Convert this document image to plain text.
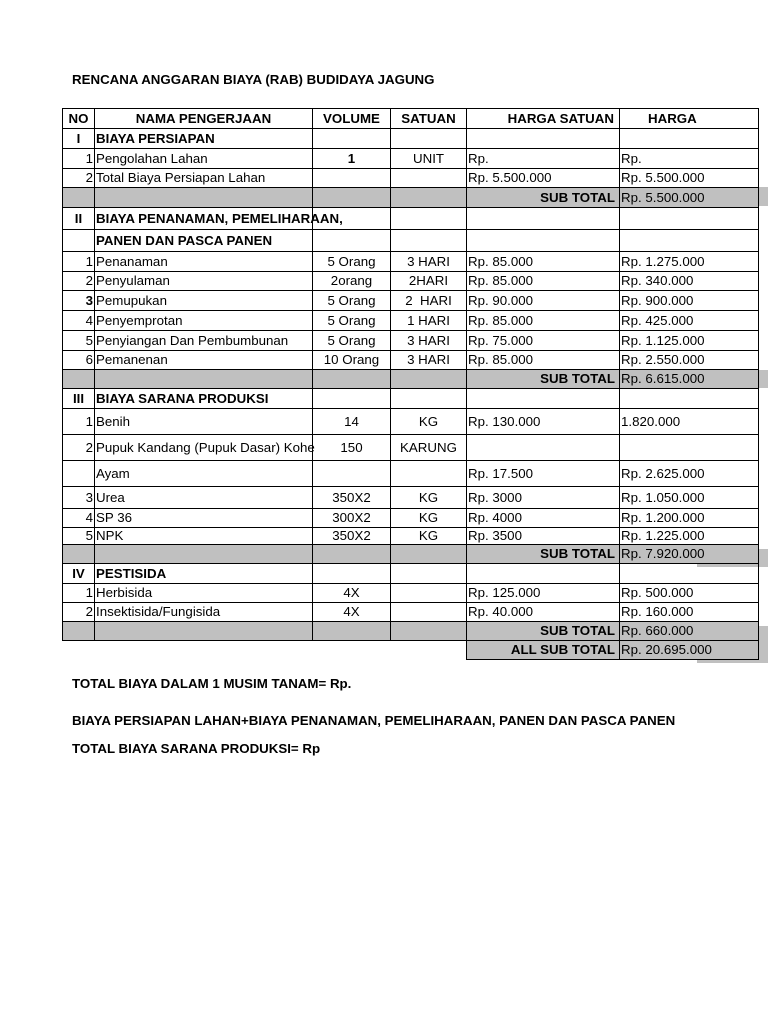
RENCANA ANGGARAN BIAYA (RAB) BUDIDAYA JAGUNG
NO	NAMA PENGERJAAN	VOLUME	SATUAN	HARGA SATUAN	HARGA
I	BIAYA PERSIAPAN				
1	Pengolahan Lahan	1	UNIT	Rp.	Rp.
2	Total Biaya Persiapan Lahan			Rp. 5.500.000	Rp. 5.500.000
				SUB TOTAL	Rp. 5.500.000
II	BIAYA PENANAMAN, PEMELIHARAAN,				
	PANEN DAN PASCA PANEN				
1	Penanaman	5 Orang	3 HARI	Rp. 85.000	Rp. 1.275.000
2	Penyulaman	2orang	2HARI	Rp. 85.000	Rp. 340.000
3	Pemupukan	5 Orang	2  HARI	Rp. 90.000	Rp. 900.000
4	Penyemprotan	5 Orang	1 HARI	Rp. 85.000	Rp. 425.000
5	Penyiangan Dan Pembumbunan	5 Orang	3 HARI	Rp. 75.000	Rp. 1.125.000
6	Pemanenan	10 Orang	3 HARI	Rp. 85.000	Rp. 2.550.000
				SUB TOTAL	Rp. 6.615.000
III	BIAYA SARANA PRODUKSI				
1	Benih	14	KG	Rp. 130.000	1.820.000
2	Pupuk Kandang (Pupuk Dasar) Kohe	150	KARUNG		
	Ayam			Rp. 17.500	Rp. 2.625.000
3	Urea	350X2	KG	Rp. 3000	Rp. 1.050.000
4	SP 36	300X2	KG	Rp. 4000	Rp. 1.200.000
5	NPK	350X2	KG	Rp. 3500	Rp. 1.225.000
				SUB TOTAL	Rp. 7.920.000
IV	PESTISIDA				
1	Herbisida	4X		Rp. 125.000	Rp. 500.000
2	Insektisida/Fungisida	4X		Rp. 40.000	Rp. 160.000
				SUB TOTAL	Rp. 660.000
				ALL SUB TOTAL	Rp. 20.695.000
TOTAL BIAYA DALAM 1 MUSIM TANAM= Rp.
BIAYA PERSIAPAN LAHAN+BIAYA PENANAMAN, PEMELIHARAAN, PANEN DAN PASCA PANEN
TOTAL BIAYA SARANA PRODUKSI= Rp
